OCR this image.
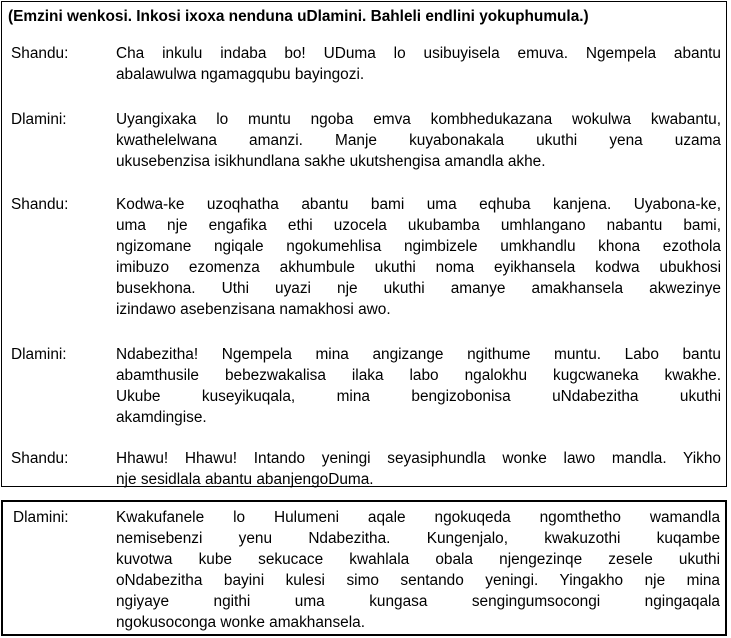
(Emzini wenkosi. Inkosi ixoxa nenduna uDlamini. Bahleli endlini yokuphumula.)
Shandu:	Cha inkulu indaba bo! UDuma lo usibuyisela emuva. Ngempela abantu
abalawulwa ngamagqubu bayingozi.
Dlamini:	Uyangixaka lo muntu ngoba emva kombhedukazana wokulwa kwabantu,
kwathelelwana amanzi. Manje kuyabonakala ukuthi yena uzama
ukusebenzisa isikhundlana sakhe ukutshengisa amandla akhe.
Shandu:	Kodwa-ke uzoqhatha abantu bami uma eqhuba kanjena. Uyabona-ke,
uma nje engafika ethi uzocela ukubamba umhlangano nabantu bami,
ngizomane ngiqale ngokumehlisa ngimbizele umkhandlu khona ezothola
imibuzo ezomenza akhumbule ukuthi noma eyikhansela kodwa ubukhosi
busekhona. Uthi uyazi nje ukuthi amanye amakhansela akwezinye
izindawo asebenzisana namakhosi awo.
Dlamini:	Ndabezitha! Ngempela mina angizange ngithume muntu. Labo bantu
abamthusile bebezwakalisa ilaka labo ngalokhu kugcwaneka kwakhe.
Ukube kuseyikuqala, mina bengizobonisa uNdabezitha ukuthi
akamdingise.
Shandu:	Hhawu! Hhawu! Intando yeningi seyasiphundla wonke lawo mandla. Yikho
nje sesidlala abantu abanjengoDuma.
Dlamini:	Kwakufanele lo Hulumeni aqale ngokuqeda ngomthetho wamandla
nemisebenzi yenu Ndabezitha. Kungenjalo, kwakuzothi kuqambe
kuvotwa kube sekucace kwahlala obala njengezinqe zesele ukuthi
oNdabezitha bayini kulesi simo sentando yeningi. Yingakho nje mina
ngiyaye ngithi uma kungasa sengingumsocongi ngingaqala
ngokusoconga wonke amakhansela.
